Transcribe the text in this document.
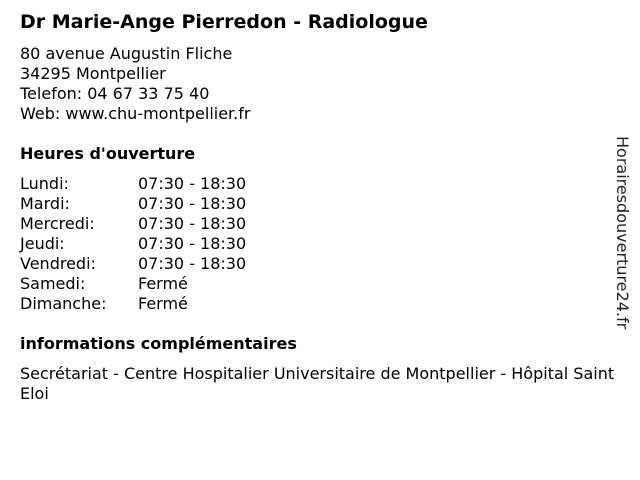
Dr Marie-Ange Pierredon - Radiologue
80 avenue Augustin Fliche
34295 Montpellier
Telefon: 04 67 33 75 40
Web: www.chu-montpellier.fr
Heures d'ouverture
Lundi:	07:30 - 18:30
Mardi:	07:30 - 18:30
Mercredi:	07:30 - 18:30
Jeudi:	07:30 - 18:30
Vendredi:	07:30 - 18:30
Samedi:	Fermé
Dimanche: Fermé
informations complémentaires
Secrétariat - Centre Hospitalier Universitaire de Montpellier - Hôpital Saint Eloi
Horairesdouverture24.fr
